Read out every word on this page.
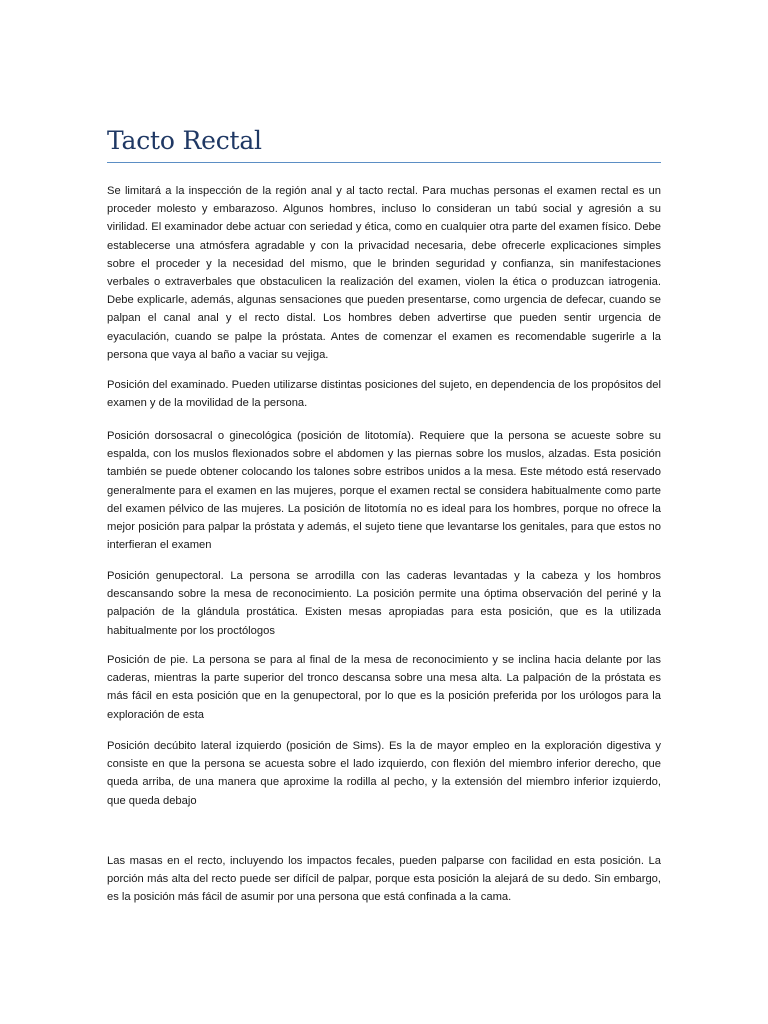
Tacto Rectal

Se limitará a la inspección de la región anal y al tacto rectal. Para muchas personas el examen rectal es un proceder molesto y embarazoso. Algunos hombres, incluso lo consideran un tabú social y agresión a su virilidad. El examinador debe actuar con seriedad y ética, como en cualquier otra parte del examen físico. Debe establecerse una atmósfera agradable y con la privacidad necesaria, debe ofrecerle explicaciones simples sobre el proceder y la necesidad del mismo, que le brinden seguridad y confianza, sin manifestaciones verbales o extraverbales que obstaculicen la realización del examen, violen la ética o produzcan iatrogenia. Debe explicarle, además, algunas sensaciones que pueden presentarse, como urgencia de defecar, cuando se palpan el canal anal y el recto distal. Los hombres deben advertirse que pueden sentir urgencia de eyaculación, cuando se palpe la próstata. Antes de comenzar el examen es recomendable sugerirle a la persona que vaya al baño a vaciar su vejiga.

Posición del examinado. Pueden utilizarse distintas posiciones del sujeto, en dependencia de los propósitos del examen y de la movilidad de la persona.

Posición dorsosacral o ginecológica (posición de litotomía). Requiere que la persona se acueste sobre su espalda, con los muslos flexionados sobre el abdomen y las piernas sobre los muslos, alzadas. Esta posición también se puede obtener colocando los talones sobre estribos unidos a la mesa. Este método está reservado generalmente para el examen en las mujeres, porque el examen rectal se considera habitualmente como parte del examen pélvico de las mujeres. La posición de litotomía no es ideal para los hombres, porque no ofrece la mejor posición para palpar la próstata y además, el sujeto tiene que levantarse los genitales, para que estos no interfieran el examen

Posición genupectoral. La persona se arrodilla con las caderas levantadas y la cabeza y los hombros descansando sobre la mesa de reconocimiento. La posición permite una óptima observación del periné y la palpación de la glándula prostática. Existen mesas apropiadas para esta posición, que es la utilizada habitualmente por los proctólogos

Posición de pie. La persona se para al final de la mesa de reconocimiento y se inclina hacia delante por las caderas, mientras la parte superior del tronco descansa sobre una mesa alta. La palpación de la próstata es más fácil en esta posición que en la genupectoral, por lo que es la posición preferida por los urólogos para la exploración de esta

Posición decúbito lateral izquierdo (posición de Sims). Es la de mayor empleo en la exploración digestiva y consiste en que la persona se acuesta sobre el lado izquierdo, con flexión del miembro inferior derecho, que queda arriba, de una manera que aproxime la rodilla al pecho, y la extensión del miembro inferior izquierdo, que queda debajo

Las masas en el recto, incluyendo los impactos fecales, pueden palparse con facilidad en esta posición. La porción más alta del recto puede ser difícil de palpar, porque esta posición la alejará de su dedo. Sin embargo, es la posición más fácil de asumir por una persona que está confinada a la cama.
